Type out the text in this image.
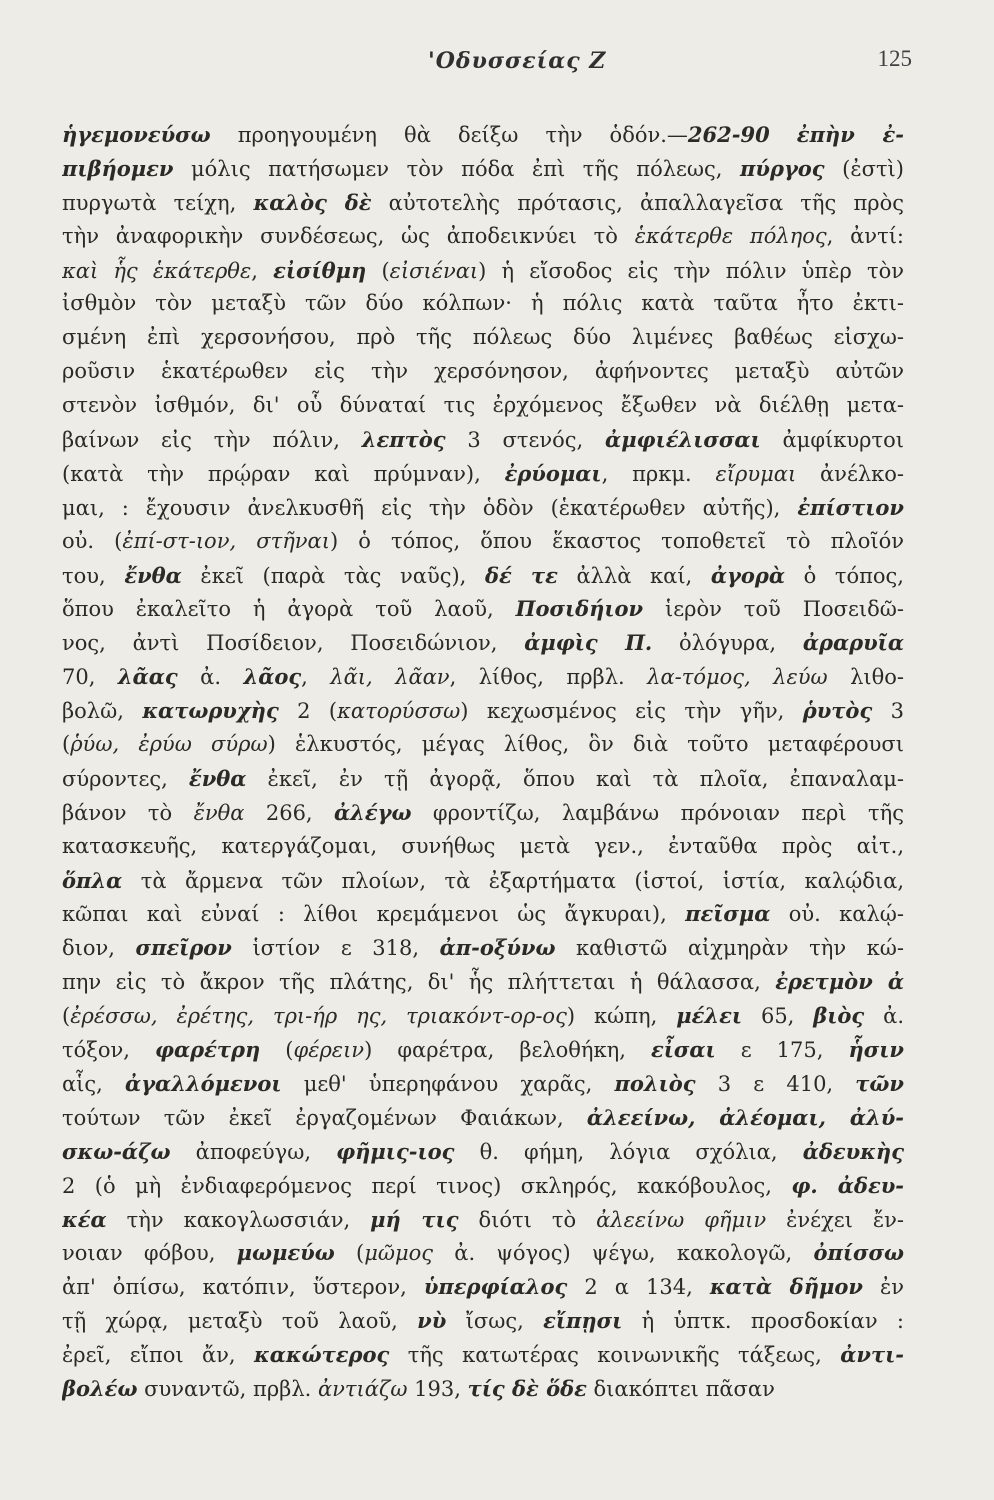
'Οδυσσείας Ζ	125
ἡγεμονεύσω προηγουμένη θὰ δείξω τὴν ὁδόν.—262-90 ἐπὴν ἐ-
πιβήομεν μόλις πατήσωμεν τὸν πόδα ἐπὶ τῆς πόλεως, πύργος (ἐστὶ)
πυργωτὰ τείχη, καλὸς δὲ αὐτοτελὴς πρότασις, ἀπαλλαγεῖσα τῆς πρὸς
τὴν ἀναφορικὴν συνδέσεως, ὡς ἀποδεικνύει τὸ ἑκάτερθε πόληος, ἀντί:
καὶ ἧς ἑκάτερθε, εἰσίθμη (εἰσιέναι) ἡ εἴσοδος εἰς τὴν πόλιν ὑπὲρ τὸν
ἰσθμὸν τὸν μεταξὺ τῶν δύο κόλπων· ἡ πόλις κατὰ ταῦτα ἦτο ἐκτι-
σμένη ἐπὶ χερσονήσου, πρὸ τῆς πόλεως δύο λιμένες βαθέως εἰσχω-
ροῦσιν ἑκατέρωθεν εἰς τὴν χερσόνησον, ἀφήνοντες μεταξὺ αὐτῶν
στενὸν ἰσθμόν, δι' οὗ δύναταί τις ἐρχόμενος ἔξωθεν νὰ διέλθῃ μετα-
βαίνων εἰς τὴν πόλιν, λεπτὸς 3 στενός, ἀμφιέλισσαι ἀμφίκυρτοι
(κατὰ τὴν πρῴραν καὶ πρύμναν), ἐρύομαι, πρκμ. εἴρυμαι ἀνέλκο-
μαι, : ἔχουσιν ἀνελκυσθῆ εἰς τὴν ὁδὸν (ἑκατέρωθεν αὐτῆς), ἐπίστιον
οὐ. (ἐπί-στ-ιον, στῆναι) ὁ τόπος, ὅπου ἕκαστος τοποθετεῖ τὸ πλοῖόν
του, ἔνθα ἐκεῖ (παρὰ τὰς ναῦς), δέ τε ἀλλὰ καί, ἀγορὰ ὁ τόπος,
ὅπου ἐκαλεῖτο ἡ ἀγορὰ τοῦ λαοῦ, Ποσιδήιον ἱερὸν τοῦ Ποσειδῶ-
νος, ἀντὶ Ποσίδειον, Ποσειδώνιον, ἀμφὶς Π. ὀλόγυρα, ἀραρυῖα
70, λᾶας ἀ. λᾶος, λᾶι, λᾶαν, λίθος, πρβλ. λα-τόμος, λεύω λιθο-
βολῶ, κατωρυχὴς 2 (κατορύσσω) κεχωσμένος εἰς τὴν γῆν, ῥυτὸς 3
(ῥύω, ἐρύω σύρω) ἑλκυστός, μέγας λίθος, ὃν διὰ τοῦτο μεταφέρουσι
σύροντες, ἔνθα ἐκεῖ, ἐν τῇ ἀγορᾷ, ὅπου καὶ τὰ πλοῖα, ἐπαναλαμ-
βάνον τὸ ἔνθα 266, ἀλέγω φροντίζω, λαμβάνω πρόνοιαν περὶ τῆς
κατασκευῆς, κατεργάζομαι, συνήθως μετὰ γεν., ἐνταῦθα πρὸς αἰτ.,
ὅπλα τὰ ἄρμενα τῶν πλοίων, τὰ ἐξαρτήματα (ἱστοί, ἱστία, καλῴδια,
κῶπαι καὶ εὐναί : λίθοι κρεμάμενοι ὡς ἄγκυραι), πεῖσμα οὐ. καλῴ-
διον, σπεῖρον ἱστίον ε 318, ἀπ-οξύνω καθιστῶ αἰχμηρὰν τὴν κώ-
πην εἰς τὸ ἄκρον τῆς πλάτης, δι' ἧς πλήττεται ἡ θάλασσα, ἐρετμὸν ἀ
(ἐρέσσω, ἐρέτης, τρι-ήρ ης, τριακόντ-ορ-ος) κώπη, μέλει 65, βιὸς ἀ.
τόξον, φαρέτρη (φέρειν) φαρέτρα, βελοθήκη, εἶσαι ε 175, ἧσιν
αἷς, ἀγαλλόμενοι μεθ' ὑπερηφάνου χαρᾶς, πολιὸς 3 ε 410, τῶν
τούτων τῶν ἐκεῖ ἐργαζομένων Φαιάκων, ἀλεείνω, ἀλέομαι, ἀλύ-
σκω-άζω ἀποφεύγω, φῆμις-ιος θ. φήμη, λόγια σχόλια, ἀδευκὴς
2 (ὁ μὴ ἐνδιαφερόμενος περί τινος) σκληρός, κακόβουλος, φ. ἀδευ-
κέα τὴν κακογλωσσιάν, μή τις διότι τὸ ἀλεείνω φῆμιν ἐνέχει ἔν-
νοιαν φόβου, μωμεύω (μῶμος ἀ. ψόγος) ψέγω, κακολογῶ, ὀπίσσω
ἀπ' ὀπίσω, κατόπιν, ὕστερον, ὑπερφίαλος 2 α 134, κατὰ δῆμον ἐν
τῇ χώρᾳ, μεταξὺ τοῦ λαοῦ, νὺ ἴσως, εἴπῃσι ἡ ὑπτκ. προσδοκίαν :
ἐρεῖ, εἴποι ἄν, κακώτερος τῆς κατωτέρας κοινωνικῆς τάξεως, ἀντι-
βολέω συναντῶ, πρβλ. ἀντιάζω 193, τίς δὲ ὅδε διακόπτει πᾶσαν
